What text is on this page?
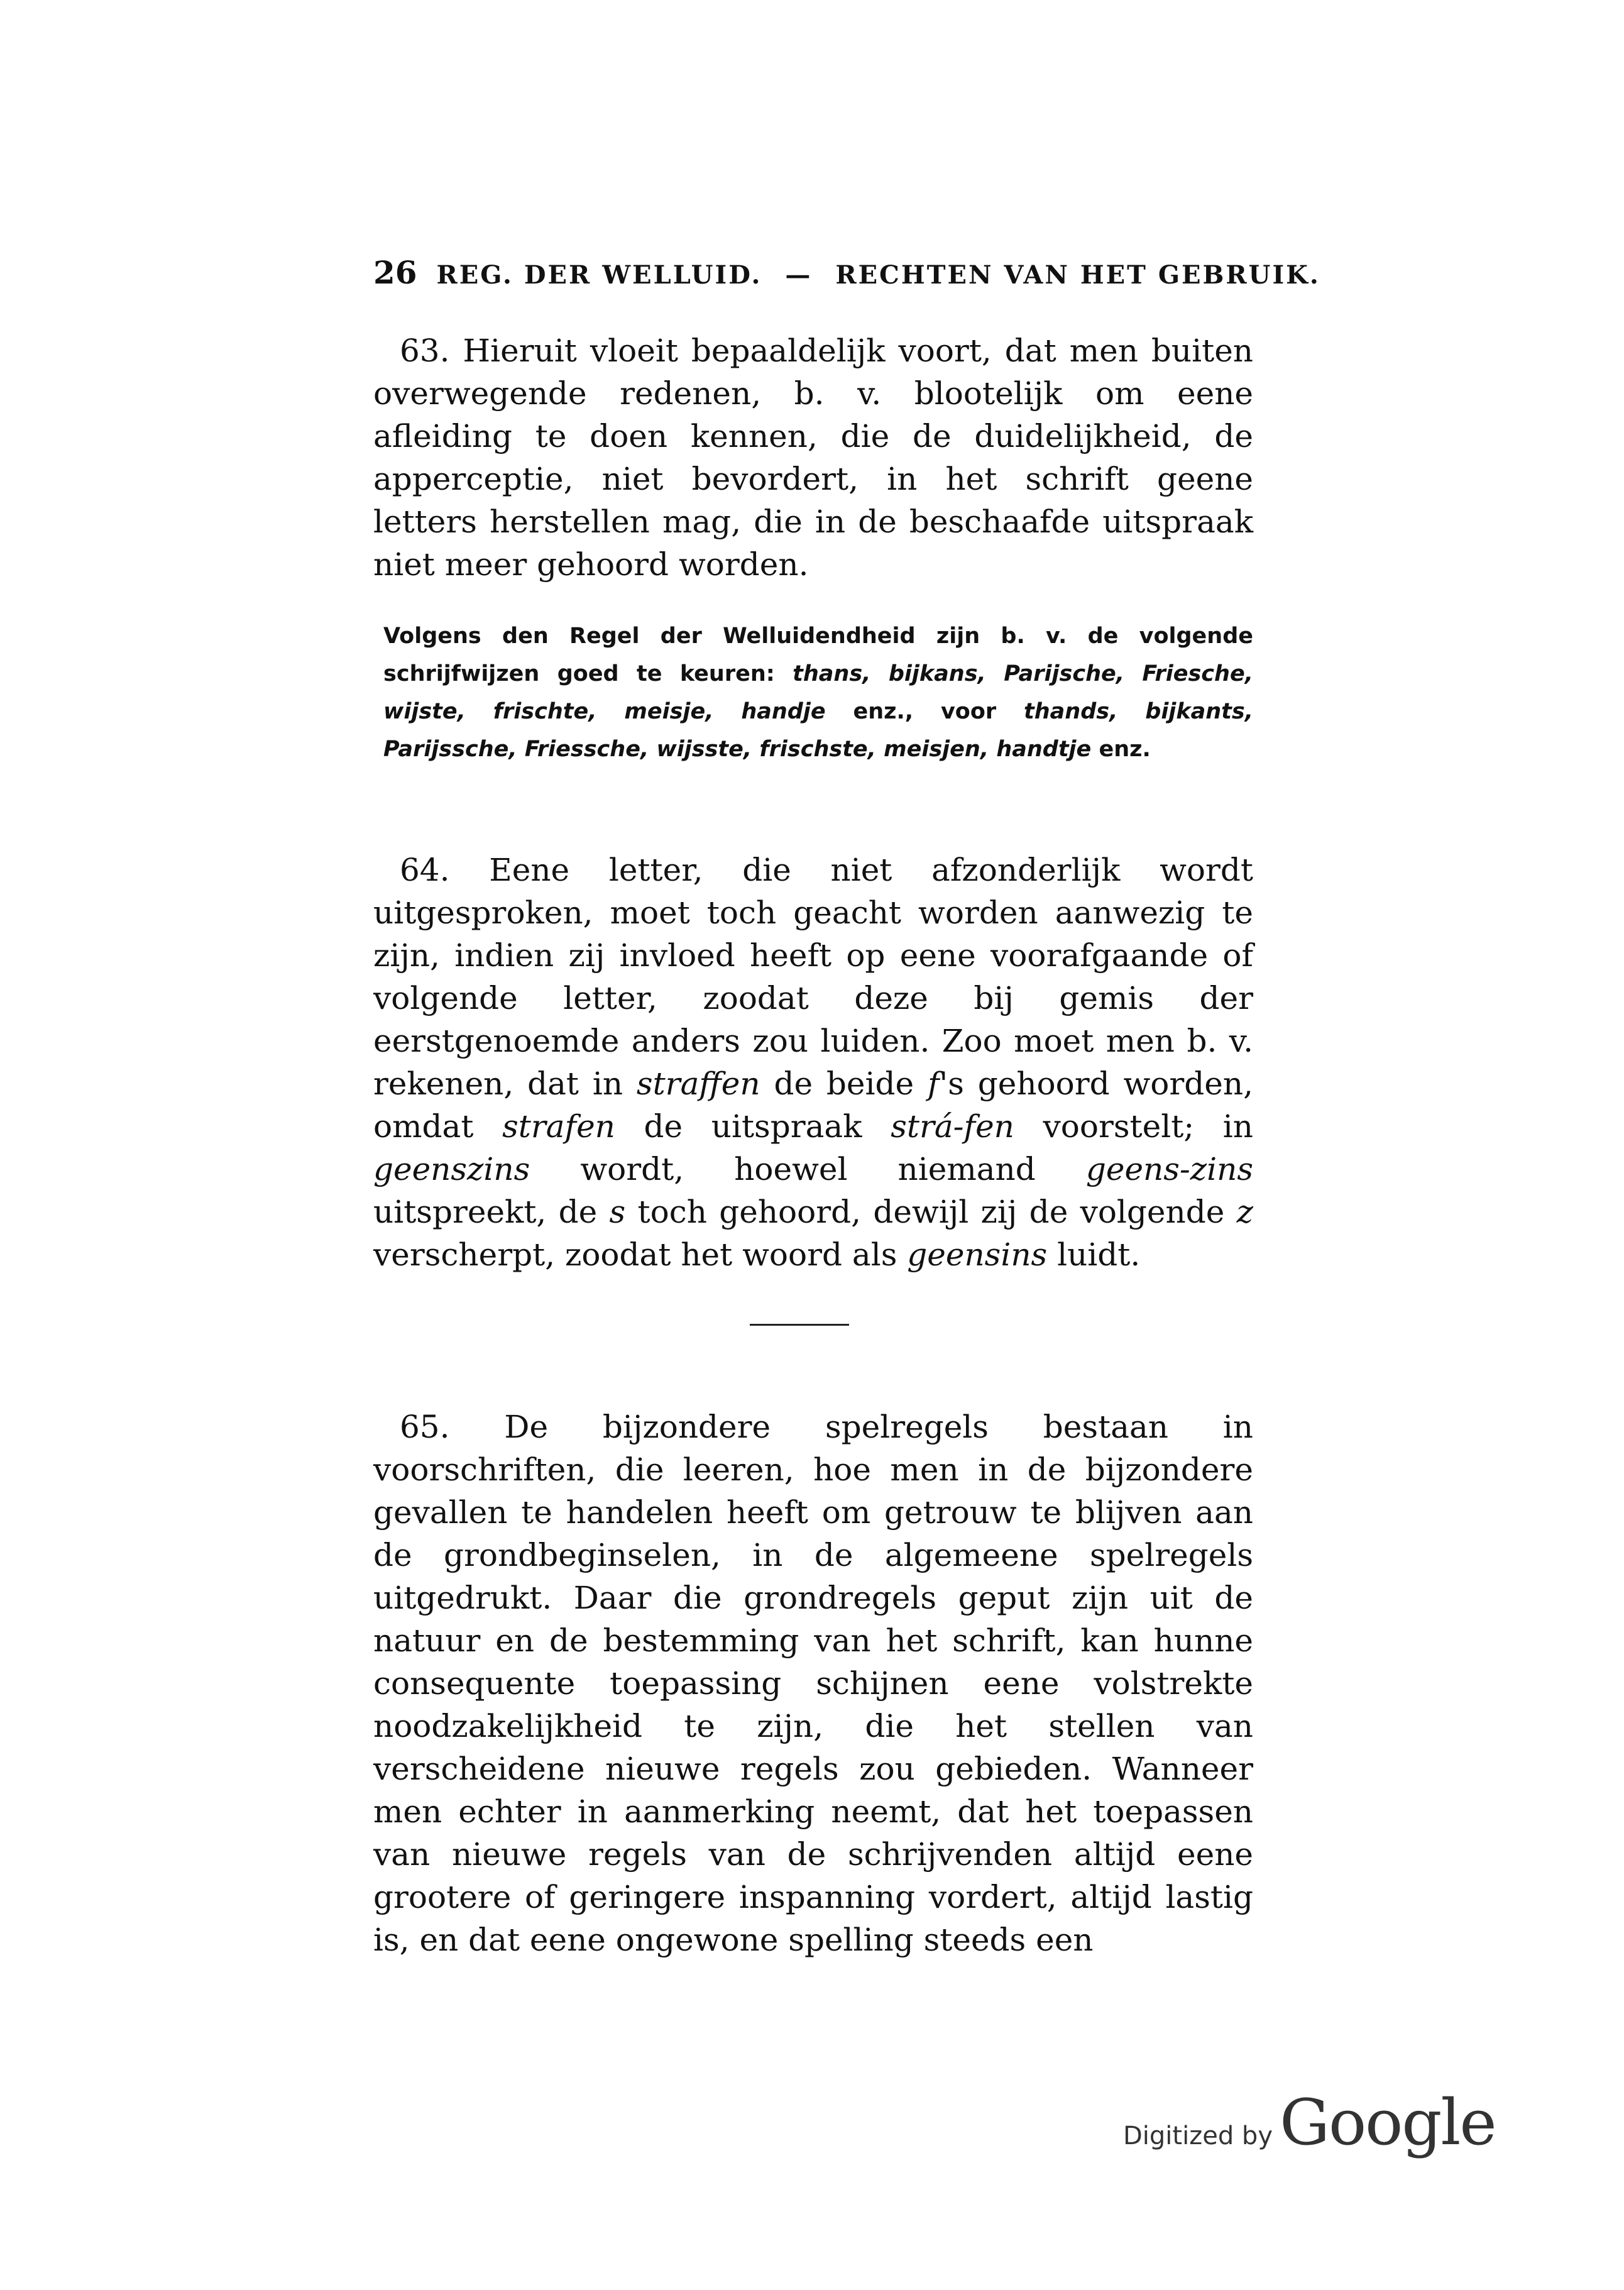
26 REG. DER WELLUID. — RECHTEN VAN HET GEBRUIK.

63. Hieruit vloeit bepaaldelijk voort, dat men buiten overwegende redenen, b. v. blootelijk om eene afleiding te doen kennen, die de duidelijkheid, de apperceptie, niet bevordert, in het schrift geene letters herstellen mag, die in de beschaafde uitspraak niet meer gehoord worden.

Volgens den Regel der Welluidendheid zijn b. v. de volgende schrijfwijzen goed te keuren: thans, bijkans, Parijsche, Friesche, wijste, frischte, meisje, handje enz., voor thands, bijkants, Parijssche, Friessche, wijsste, frischste, meisjen, handtje enz.

64. Eene letter, die niet afzonderlijk wordt uitgesproken, moet toch geacht worden aanwezig te zijn, indien zij invloed heeft op eene voorafgaande of volgende letter, zoodat deze bij gemis der eerstgenoemde anders zou luiden. Zoo moet men b. v. rekenen, dat in straffen de beide f's gehoord worden, omdat strafen de uitspraak strá-fen voorstelt; in geenszins wordt, hoewel niemand geens-zins uitspreekt, de s toch gehoord, dewijl zij de volgende z verscherpt, zoodat het woord als geensins luidt.

65. De bijzondere spelregels bestaan in voorschriften, die leeren, hoe men in de bijzondere gevallen te handelen heeft om getrouw te blijven aan de grondbeginselen, in de algemeene spelregels uitgedrukt. Daar die grondregels geput zijn uit de natuur en de bestemming van het schrift, kan hunne consequente toepassing schijnen eene volstrekte noodzakelijkheid te zijn, die het stellen van verscheidene nieuwe regels zou gebieden. Wanneer men echter in aanmerking neemt, dat het toepassen van nieuwe regels van de schrijvenden altijd eene grootere of geringere inspanning vordert, altijd lastig is, en dat eene ongewone spelling steeds een

Digitized by Google
